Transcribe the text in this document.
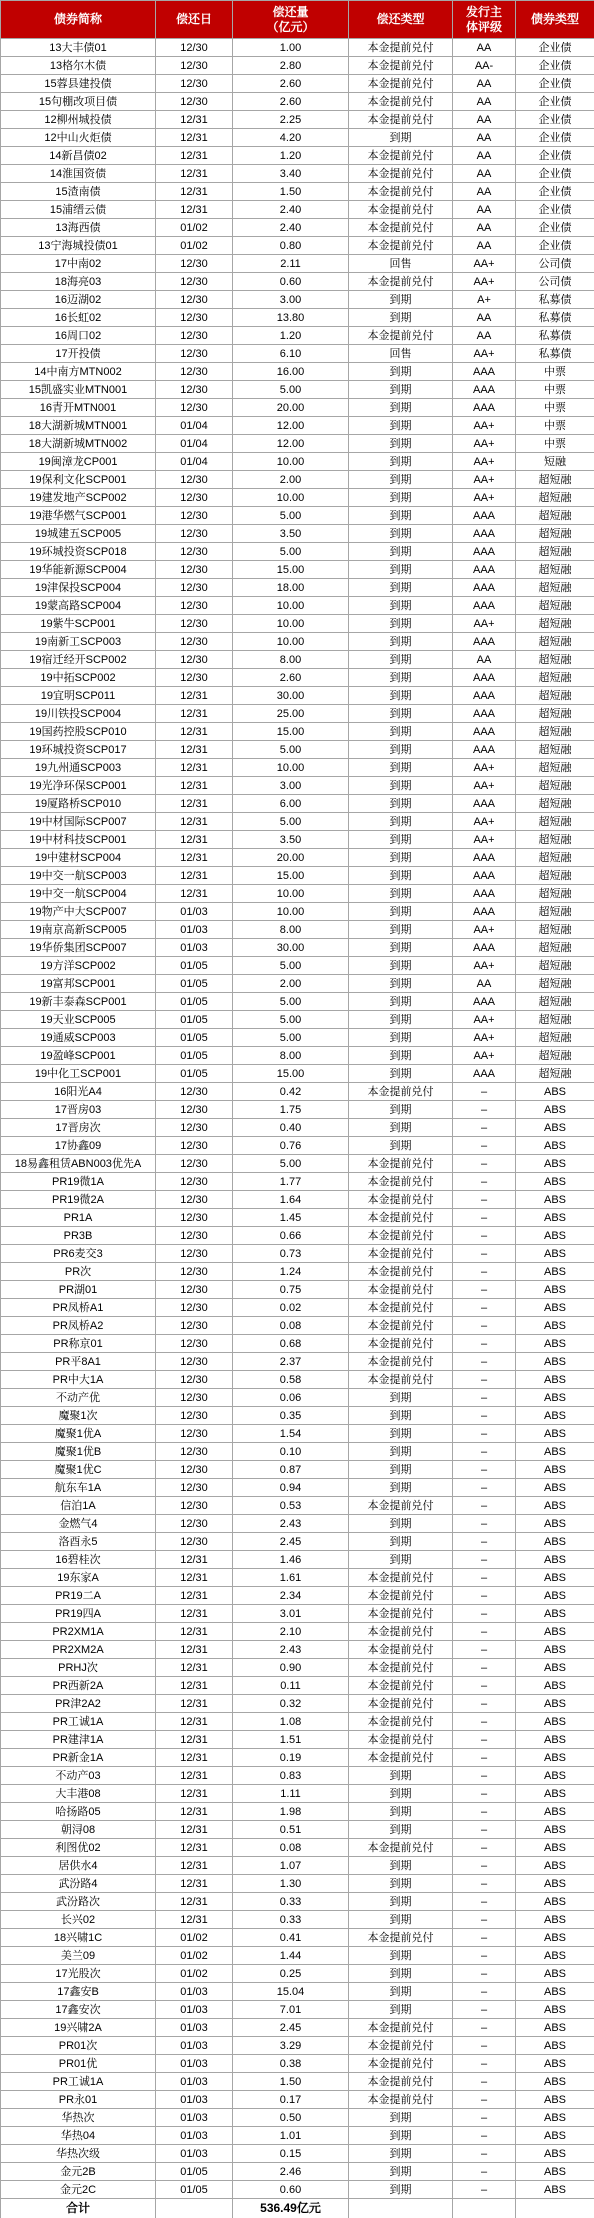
债券简称	偿还日	偿还量
（亿元）	偿还类型	发行主
体评级	债券类型
13大丰债01	12/30	1.00	本金提前兑付	AA	企业债
13格尔木债	12/30	2.80	本金提前兑付	AA-	企业债
15蓉县建投债	12/30	2.60	本金提前兑付	AA	企业债
15句棚改项目债	12/30	2.60	本金提前兑付	AA	企业债
12柳州城投债	12/31	2.25	本金提前兑付	AA	企业债
12中山火炬债	12/31	4.20	到期	AA	企业债
14新昌债02	12/31	1.20	本金提前兑付	AA	企业债
14淮国资债	12/31	3.40	本金提前兑付	AA	企业债
15渣南债	12/31	1.50	本金提前兑付	AA	企业债
15浦缙云债	12/31	2.40	本金提前兑付	AA	企业债
13海西债	01/02	2.40	本金提前兑付	AA	企业债
13宁海城投债01	01/02	0.80	本金提前兑付	AA	企业债
17中南02	12/30	2.11	回售	AA+	公司债
18海亮03	12/30	0.60	本金提前兑付	AA+	公司债
16迈湖02	12/30	3.00	到期	A+	私募债
16长虹02	12/30	13.80	到期	AA	私募债
16周口02	12/30	1.20	本金提前兑付	AA	私募债
17开投债	12/30	6.10	回售	AA+	私募债
14中南方MTN002	12/30	16.00	到期	AAA	中票
15凯盛实业MTN001	12/30	5.00	到期	AAA	中票
16青开MTN001	12/30	20.00	到期	AAA	中票
18大湖新城MTN001	01/04	12.00	到期	AA+	中票
18大湖新城MTN002	01/04	12.00	到期	AA+	中票
19闽漳龙CP001	01/04	10.00	到期	AA+	短融
19保利文化SCP001	12/30	2.00	到期	AA+	超短融
19建发地产SCP002	12/30	10.00	到期	AA+	超短融
19港华燃气SCP001	12/30	5.00	到期	AAA	超短融
19城建五SCP005	12/30	3.50	到期	AAA	超短融
19环城投资SCP018	12/30	5.00	到期	AAA	超短融
19华能新源SCP004	12/30	15.00	到期	AAA	超短融
19津保投SCP004	12/30	18.00	到期	AAA	超短融
19蒙高路SCP004	12/30	10.00	到期	AAA	超短融
19紫牛SCP001	12/30	10.00	到期	AA+	超短融
19南新工SCP003	12/30	10.00	到期	AAA	超短融
19宿迁经开SCP002	12/30	8.00	到期	AA	超短融
19中拓SCP002	12/30	2.60	到期	AAA	超短融
19宜明SCP011	12/31	30.00	到期	AAA	超短融
19川铁投SCP004	12/31	25.00	到期	AAA	超短融
19国药控股SCP010	12/31	15.00	到期	AAA	超短融
19环城投资SCP017	12/31	5.00	到期	AAA	超短融
19九州通SCP003	12/31	10.00	到期	AA+	超短融
19光净环保SCP001	12/31	3.00	到期	AA+	超短融
19厦路桥SCP010	12/31	6.00	到期	AAA	超短融
19中材国际SCP007	12/31	5.00	到期	AA+	超短融
19中材科技SCP001	12/31	3.50	到期	AA+	超短融
19中建材SCP004	12/31	20.00	到期	AAA	超短融
19中交一航SCP003	12/31	15.00	到期	AAA	超短融
19中交一航SCP004	12/31	10.00	到期	AAA	超短融
19物产中大SCP007	01/03	10.00	到期	AAA	超短融
19南京高新SCP005	01/03	8.00	到期	AA+	超短融
19华侨集团SCP007	01/03	30.00	到期	AAA	超短融
19方洋SCP002	01/05	5.00	到期	AA+	超短融
19富邦SCP001	01/05	2.00	到期	AA	超短融
19新丰泰森SCP001	01/05	5.00	到期	AAA	超短融
19天业SCP005	01/05	5.00	到期	AA+	超短融
19通威SCP003	01/05	5.00	到期	AA+	超短融
19盈峰SCP001	01/05	8.00	到期	AA+	超短融
19中化工SCP001	01/05	15.00	到期	AAA	超短融
16阳光A4	12/30	0.42	本金提前兑付	–	ABS
17晋房03	12/30	1.75	到期	–	ABS
17晋房次	12/30	0.40	到期	–	ABS
17协鑫09	12/30	0.76	到期	–	ABS
18易鑫租赁ABN003优先A	12/30	5.00	本金提前兑付	–	ABS
PR19微1A	12/30	1.77	本金提前兑付	–	ABS
PR19微2A	12/30	1.64	本金提前兑付	–	ABS
PR1A	12/30	1.45	本金提前兑付	–	ABS
PR3B	12/30	0.66	本金提前兑付	–	ABS
PR6麦交3	12/30	0.73	本金提前兑付	–	ABS
PR次	12/30	1.24	本金提前兑付	–	ABS
PR湖01	12/30	0.75	本金提前兑付	–	ABS
PR凤桥A1	12/30	0.02	本金提前兑付	–	ABS
PR凤桥A2	12/30	0.08	本金提前兑付	–	ABS
PR称京01	12/30	0.68	本金提前兑付	–	ABS
PR平8A1	12/30	2.37	本金提前兑付	–	ABS
PR中大1A	12/30	0.58	本金提前兑付	–	ABS
不动产优	12/30	0.06	到期	–	ABS
魔聚1次	12/30	0.35	到期	–	ABS
魔聚1优A	12/30	1.54	到期	–	ABS
魔聚1优B	12/30	0.10	到期	–	ABS
魔聚1优C	12/30	0.87	到期	–	ABS
航东车1A	12/30	0.94	到期	–	ABS
信泊1A	12/30	0.53	本金提前兑付	–	ABS
金燃气4	12/30	2.43	到期	–	ABS
洛酉永5	12/30	2.45	到期	–	ABS
16碧桂次	12/31	1.46	到期	–	ABS
19东家A	12/31	1.61	本金提前兑付	–	ABS
PR19二A	12/31	2.34	本金提前兑付	–	ABS
PR19四A	12/31	3.01	本金提前兑付	–	ABS
PR2XM1A	12/31	2.10	本金提前兑付	–	ABS
PR2XM2A	12/31	2.43	本金提前兑付	–	ABS
PRHJ次	12/31	0.90	本金提前兑付	–	ABS
PR西新2A	12/31	0.11	本金提前兑付	–	ABS
PR津2A2	12/31	0.32	本金提前兑付	–	ABS
PR工诚1A	12/31	1.08	本金提前兑付	–	ABS
PR建津1A	12/31	1.51	本金提前兑付	–	ABS
PR新金1A	12/31	0.19	本金提前兑付	–	ABS
不动产03	12/31	0.83	到期	–	ABS
大丰港08	12/31	1.11	到期	–	ABS
哈扬路05	12/31	1.98	到期	–	ABS
朝浔08	12/31	0.51	到期	–	ABS
利图优02	12/31	0.08	本金提前兑付	–	ABS
居供水4	12/31	1.07	到期	–	ABS
武汾路4	12/31	1.30	到期	–	ABS
武汾路次	12/31	0.33	到期	–	ABS
长兴02	12/31	0.33	到期	–	ABS
18兴啸1C	01/02	0.41	本金提前兑付	–	ABS
美兰09	01/02	1.44	到期	–	ABS
17光股次	01/02	0.25	到期	–	ABS
17鑫安B	01/03	15.04	到期	–	ABS
17鑫安次	01/03	7.01	到期	–	ABS
19兴啸2A	01/03	2.45	本金提前兑付	–	ABS
PR01次	01/03	3.29	本金提前兑付	–	ABS
PR01优	01/03	0.38	本金提前兑付	–	ABS
PR工诚1A	01/03	1.50	本金提前兑付	–	ABS
PR永01	01/03	0.17	本金提前兑付	–	ABS
华热次	01/03	0.50	到期	–	ABS
华热04	01/03	1.01	到期	–	ABS
华热次级	01/03	0.15	到期	–	ABS
金元2B	01/05	2.46	到期	–	ABS
金元2C	01/05	0.60	到期	–	ABS
合计		536.49亿元			
